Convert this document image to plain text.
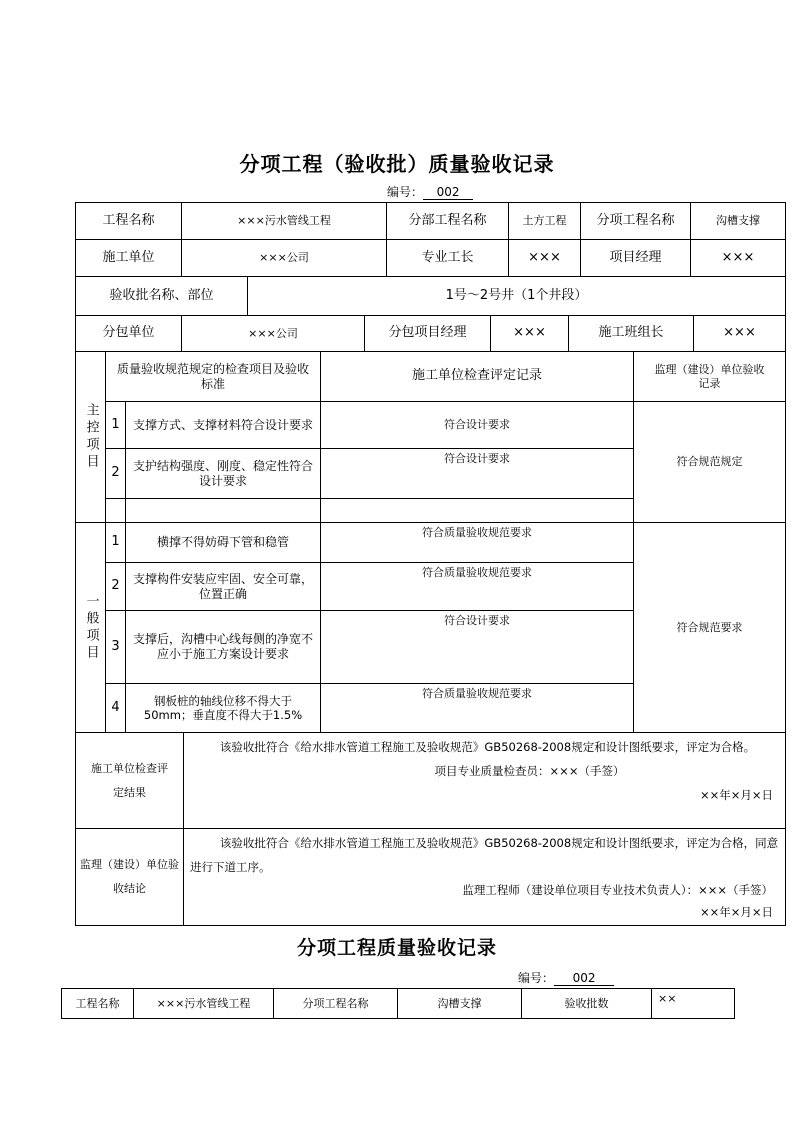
分项工程（验收批）质量验收记录
编号： 002
工程名称	×××污水管线工程	分部工程名称	土方工程	分项工程名称	沟槽支撑
施工单位	×××公司	专业工长	×××	项目经理	×××
验收批名称、部位	1号～2号井（1个井段）
分包单位	×××公司	分包项目经理	×××	施工班组长	×××
主控项目	质量验收规范规定的检查项目及验收标准		施工单位检查评定记录	监理（建设）单位验收记录
	1	支撑方式、支撑材料符合设计要求	符合设计要求	符合规范规定
	2	支护结构强度、刚度、稳定性符合设计要求	符合设计要求	

一般项目	1	横撑不得妨碍下管和稳管	符合质量验收规范要求	符合规范要求
	2	支撑构件安装应牢固、安全可靠，位置正确	符合质量验收规范要求	
	3	支撑后，沟槽中心线每侧的净宽不应小于施工方案设计要求	符合设计要求	
	4	钢板桩的轴线位移不得大于50mm；垂直度不得大于1.5%	符合质量验收规范要求	
施工单位检查评定结果	
该验收批符合《给水排水管道工程施工及验收规范》GB50268-2008规定和设计图纸要求，评定为合格。
项目专业质量检查员：×××（手签）
××年×月×日
监理（建设）单位验收结论	
该验收批符合《给水排水管道工程施工及验收规范》GB50268-2008规定和设计图纸要求，评定为合格，同意进行下道工序。
监理工程师（建设单位项目专业技术负责人）：×××（手签）
××年×月×日
分项工程质量验收记录
编号： 002
工程名称	×××污水管线工程	分项工程名称	沟槽支撑	验收批数	××
